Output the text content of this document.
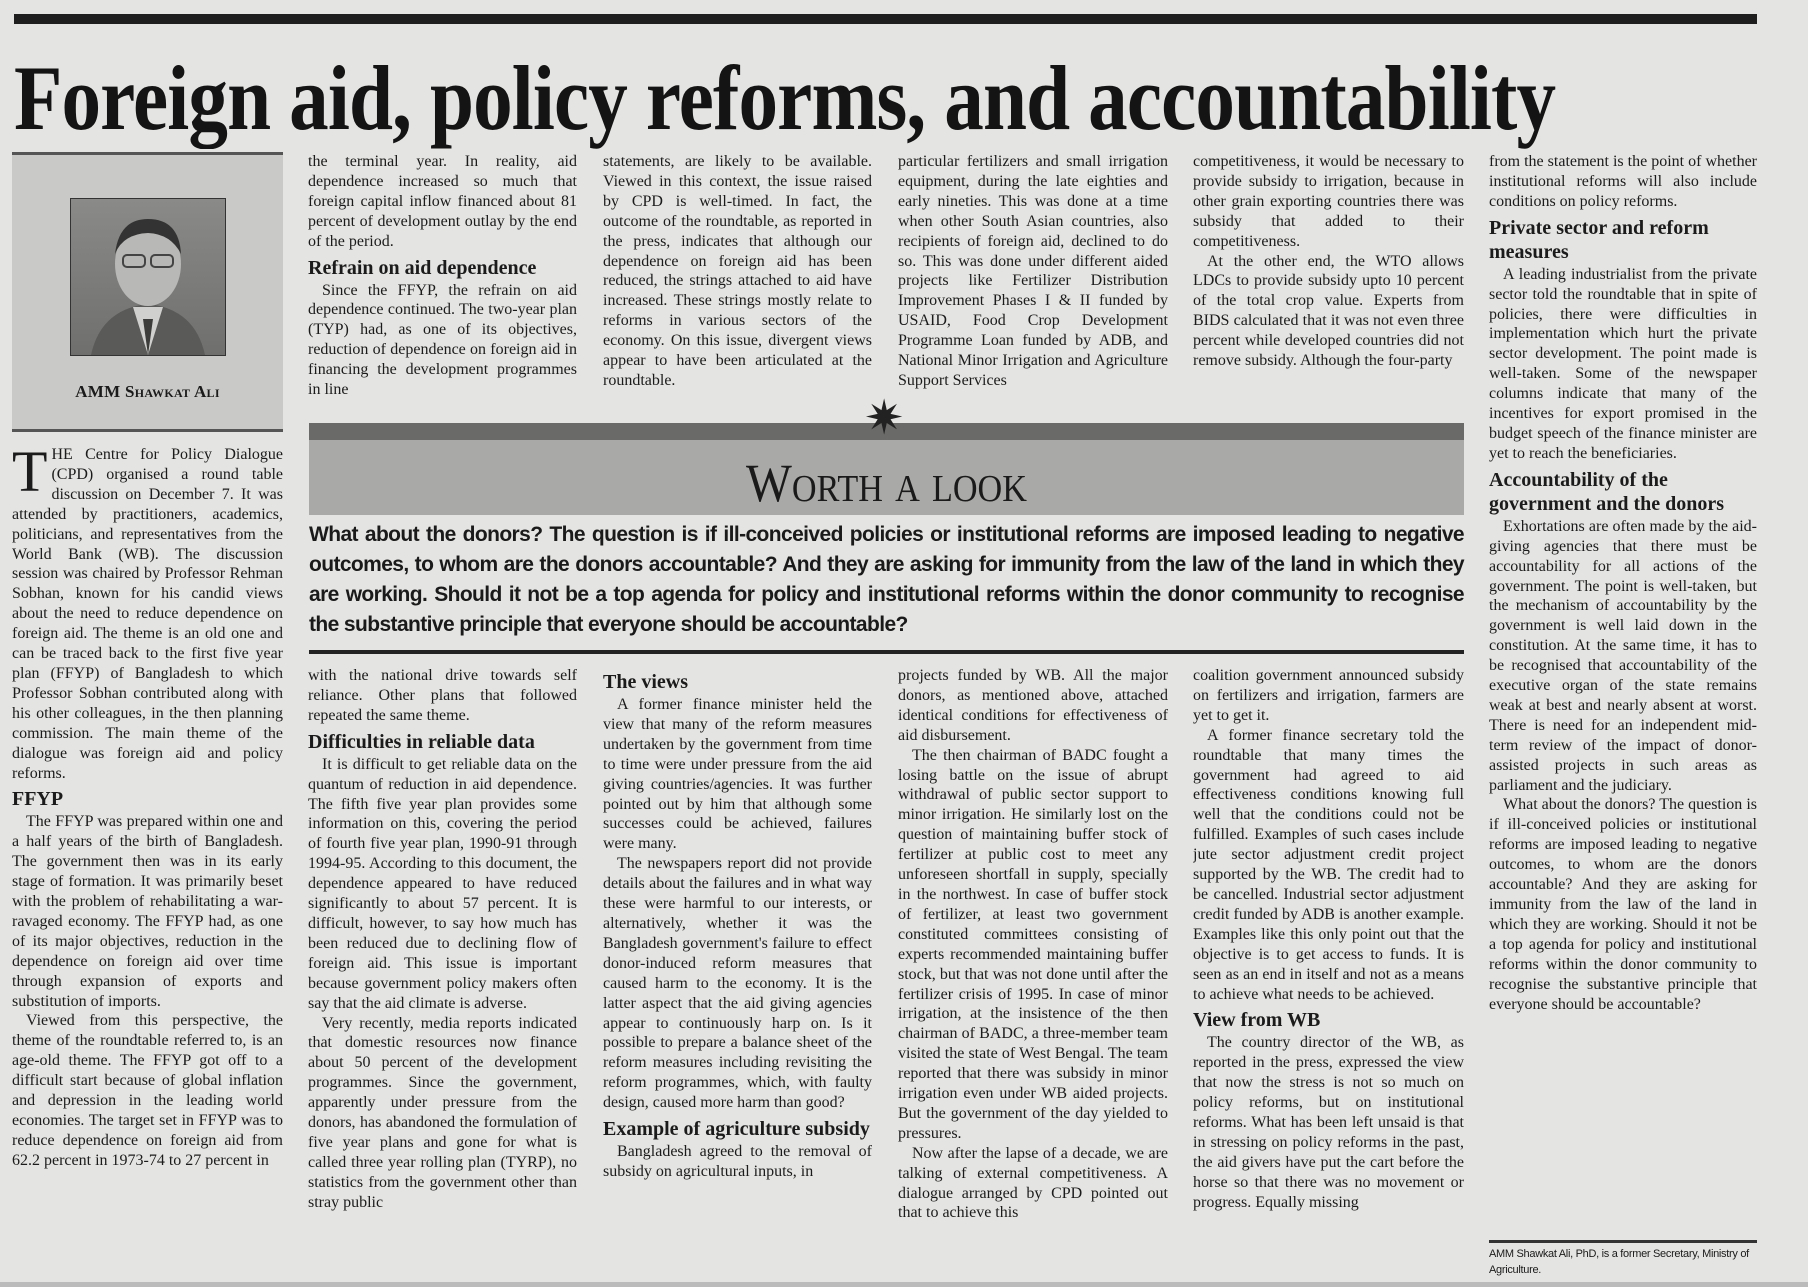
Foreign aid, policy reforms, and accountability
AMM Shawkat Ali

THE Centre for Policy Dialogue (CPD) organised a round table discussion on December 7. It was attended by practitioners, academics, politicians, and representatives from the World Bank (WB). The discussion session was chaired by Professor Rehman Sobhan, known for his candid views about the need to reduce dependence on foreign aid. The theme is an old one and can be traced back to the first five year plan (FFYP) of Bangladesh to which Professor Sobhan contributed along with his other colleagues, in the then planning commission. The main theme of the dialogue was foreign aid and policy reforms.

FFYP

The FFYP was prepared within one and a half years of the birth of Bangladesh. The government then was in its early stage of formation. It was primarily beset with the problem of rehabilitating a war-ravaged economy. The FFYP had, as one of its major objectives, reduction in the dependence on foreign aid over time through expansion of exports and substitution of imports.

Viewed from this perspective, the theme of the roundtable referred to, is an age-old theme. The FFYP got off to a difficult start because of global inflation and depression in the leading world economies. The target set in FFYP was to reduce dependence on foreign aid from 62.2 percent in 1973-74 to 27 percent in

the terminal year. In reality, aid dependence increased so much that foreign capital inflow financed about 81 percent of development outlay by the end of the period.

Refrain on aid dependence

Since the FFYP, the refrain on aid dependence continued. The two-year plan (TYP) had, as one of its objectives, reduction of dependence on foreign aid in financing the development programmes in line

statements, are likely to be available. Viewed in this context, the issue raised by CPD is well-timed. In fact, the outcome of the roundtable, as reported in the press, indicates that although our dependence on foreign aid has been reduced, the strings attached to aid have increased. These strings mostly relate to reforms in various sectors of the economy. On this issue, divergent views appear to have been articulated at the roundtable.

particular fertilizers and small irrigation equipment, during the late eighties and early nineties. This was done at a time when other South Asian countries, also recipients of foreign aid, declined to do so. This was done under different aided projects like Fertilizer Distribution Improvement Phases I & II funded by USAID, Food Crop Development Programme Loan funded by ADB, and National Minor Irrigation and Agriculture Support Services

competitiveness, it would be necessary to provide subsidy to irrigation, because in other grain exporting countries there was subsidy that added to their competitiveness.

At the other end, the WTO allows LDCs to provide subsidy upto 10 percent of the total crop value. Experts from BIDS calculated that it was not even three percent while developed countries did not remove subsidy. Although the four-party

Worth a look
✷
What about the donors? The question is if ill-conceived policies or institutional reforms are imposed leading to negative outcomes, to whom are the donors accountable? And they are asking for immunity from the law of the land in which they are working. Should it not be a top agenda for policy and institutional reforms within the donor community to recognise the substantive principle that everyone should be accountable?

with the national drive towards self reliance. Other plans that followed repeated the same theme.

Difficulties in reliable data

It is difficult to get reliable data on the quantum of reduction in aid dependence. The fifth five year plan provides some information on this, covering the period of fourth five year plan, 1990-91 through 1994-95. According to this document, the dependence appeared to have reduced significantly to about 57 percent. It is difficult, however, to say how much has been reduced due to declining flow of foreign aid. This issue is important because government policy makers often say that the aid climate is adverse.

Very recently, media reports indicated that domestic resources now finance about 50 percent of the development programmes. Since the government, apparently under pressure from the donors, has abandoned the formulation of five year plans and gone for what is called three year rolling plan (TYRP), no statistics from the government other than stray public

The views

A former finance minister held the view that many of the reform measures undertaken by the government from time to time were under pressure from the aid giving countries/agencies. It was further pointed out by him that although some successes could be achieved, failures were many.

The newspapers report did not provide details about the failures and in what way these were harmful to our interests, or alternatively, whether it was the Bangladesh government's failure to effect donor-induced reform measures that caused harm to the economy. It is the latter aspect that the aid giving agencies appear to continuously harp on. Is it possible to prepare a balance sheet of the reform measures including revisiting the reform programmes, which, with faulty design, caused more harm than good?

Example of agriculture subsidy

Bangladesh agreed to the removal of subsidy on agricultural inputs, in

projects funded by WB. All the major donors, as mentioned above, attached identical conditions for effectiveness of aid disbursement.

The then chairman of BADC fought a losing battle on the issue of abrupt withdrawal of public sector support to minor irrigation. He similarly lost on the question of maintaining buffer stock of fertilizer at public cost to meet any unforeseen shortfall in supply, specially in the northwest. In case of buffer stock of fertilizer, at least two government constituted committees consisting of experts recommended maintaining buffer stock, but that was not done until after the fertilizer crisis of 1995. In case of minor irrigation, at the insistence of the then chairman of BADC, a three-member team visited the state of West Bengal. The team reported that there was subsidy in minor irrigation even under WB aided projects. But the government of the day yielded to pressures.

Now after the lapse of a decade, we are talking of external competitiveness. A dialogue arranged by CPD pointed out that to achieve this

coalition government announced subsidy on fertilizers and irrigation, farmers are yet to get it.

A former finance secretary told the roundtable that many times the government had agreed to aid effectiveness conditions knowing full well that the conditions could not be fulfilled. Examples of such cases include jute sector adjustment credit project supported by the WB. The credit had to be cancelled. Industrial sector adjustment credit funded by ADB is another example. Examples like this only point out that the objective is to get access to funds. It is seen as an end in itself and not as a means to achieve what needs to be achieved.

View from WB

The country director of the WB, as reported in the press, expressed the view that now the stress is not so much on policy reforms, but on institutional reforms. What has been left unsaid is that in stressing on policy reforms in the past, the aid givers have put the cart before the horse so that there was no movement or progress. Equally missing

from the statement is the point of whether institutional reforms will also include conditions on policy reforms.

Private sector and reform measures

A leading industrialist from the private sector told the roundtable that in spite of policies, there were difficulties in implementation which hurt the private sector development. The point made is well-taken. Some of the newspaper columns indicate that many of the incentives for export promised in the budget speech of the finance minister are yet to reach the beneficiaries.

Accountability of the government and the donors

Exhortations are often made by the aid-giving agencies that there must be accountability for all actions of the government. The point is well-taken, but the mechanism of accountability by the government is well laid down in the constitution. At the same time, it has to be recognised that accountability of the executive organ of the state remains weak at best and nearly absent at worst. There is need for an independent mid-term review of the impact of donor-assisted projects in such areas as parliament and the judiciary.

What about the donors? The question is if ill-conceived policies or institutional reforms are imposed leading to negative outcomes, to whom are the donors accountable? And they are asking for immunity from the law of the land in which they are working. Should it not be a top agenda for policy and institutional reforms within the donor community to recognise the substantive principle that everyone should be accountable?

AMM Shawkat Ali, PhD, is a former Secretary, Ministry of Agriculture.
